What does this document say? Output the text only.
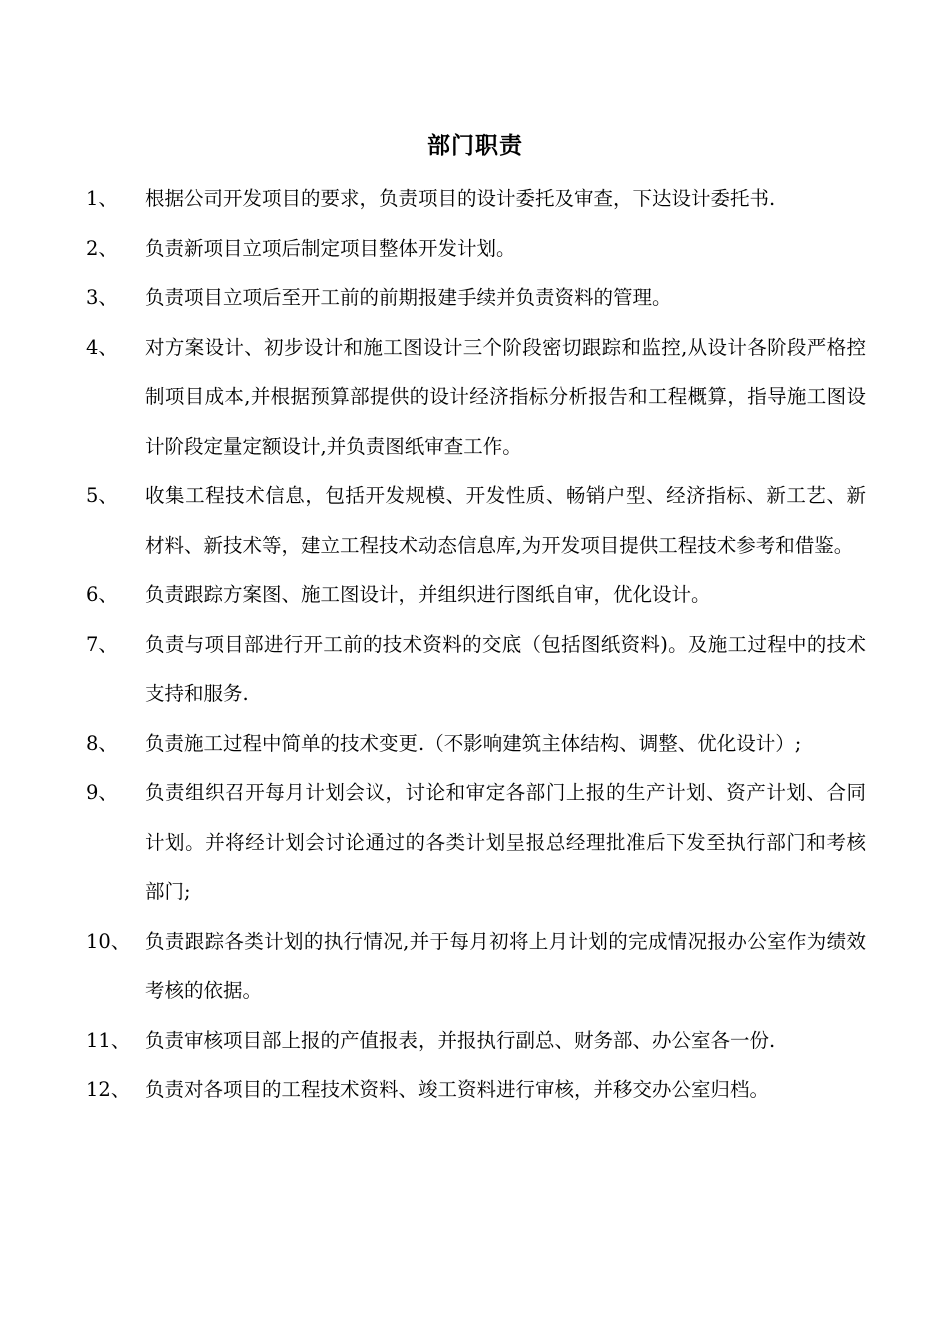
部门职责
1、	根据公司开发项目的要求，负责项目的设计委托及审查，下达设计委托书.
2、	负责新项目立项后制定项目整体开发计划。
3、	负责项目立项后至开工前的前期报建手续并负责资料的管理。
4、	对方案设计、初步设计和施工图设计三个阶段密切跟踪和监控,从设计各阶段严格控制项目成本,并根据预算部提供的设计经济指标分析报告和工程概算，指导施工图设计阶段定量定额设计,并负责图纸审查工作。
5、	收集工程技术信息，包括开发规模、开发性质、畅销户型、经济指标、新工艺、新材料、新技术等，建立工程技术动态信息库,为开发项目提供工程技术参考和借鉴。
6、	负责跟踪方案图、施工图设计，并组织进行图纸自审，优化设计。
7、	负责与项目部进行开工前的技术资料的交底（包括图纸资料)。及施工过程中的技术支持和服务.
8、	负责施工过程中简单的技术变更.（不影响建筑主体结构、调整、优化设计）;
9、	负责组织召开每月计划会议，讨论和审定各部门上报的生产计划、资产计划、合同计划。并将经计划会讨论通过的各类计划呈报总经理批准后下发至执行部门和考核部门;
10、 负责跟踪各类计划的执行情况,并于每月初将上月计划的完成情况报办公室作为绩效考核的依据。
11、 负责审核项目部上报的产值报表，并报执行副总、财务部、办公室各一份.
12、 负责对各项目的工程技术资料、竣工资料进行审核，并移交办公室归档。
